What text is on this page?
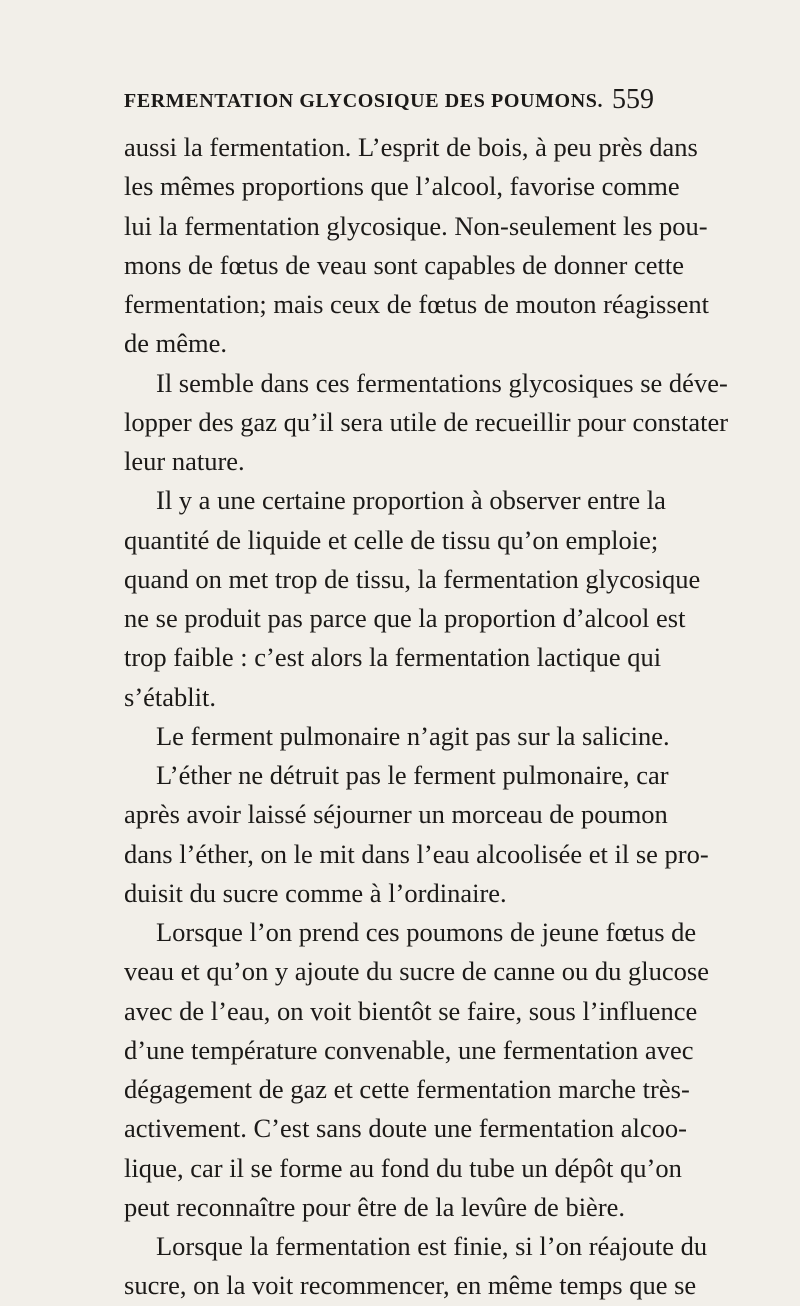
FERMENTATION GLYCOSIQUE DES POUMONS. 559
aussi la fermentation. L’esprit de bois, à peu près dans
les mêmes proportions que l’alcool, favorise comme
lui la fermentation glycosique. Non-seulement les pou-
mons de fœtus de veau sont capables de donner cette
fermentation; mais ceux de fœtus de mouton réagissent
de même.
Il semble dans ces fermentations glycosiques se déve-
lopper des gaz qu’il sera utile de recueillir pour constater
leur nature.
Il y a une certaine proportion à observer entre la
quantité de liquide et celle de tissu qu’on emploie;
quand on met trop de tissu, la fermentation glycosique
ne se produit pas parce que la proportion d’alcool est
trop faible : c’est alors la fermentation lactique qui
s’établit.
Le ferment pulmonaire n’agit pas sur la salicine.
L’éther ne détruit pas le ferment pulmonaire, car
après avoir laissé séjourner un morceau de poumon
dans l’éther, on le mit dans l’eau alcoolisée et il se pro-
duisit du sucre comme à l’ordinaire.
Lorsque l’on prend ces poumons de jeune fœtus de
veau et qu’on y ajoute du sucre de canne ou du glucose
avec de l’eau, on voit bientôt se faire, sous l’influence
d’une température convenable, une fermentation avec
dégagement de gaz et cette fermentation marche très-
activement. C’est sans doute une fermentation alcoo-
lique, car il se forme au fond du tube un dépôt qu’on
peut reconnaître pour être de la levûre de bière.
Lorsque la fermentation est finie, si l’on réajoute du
sucre, on la voit recommencer, en même temps que se
